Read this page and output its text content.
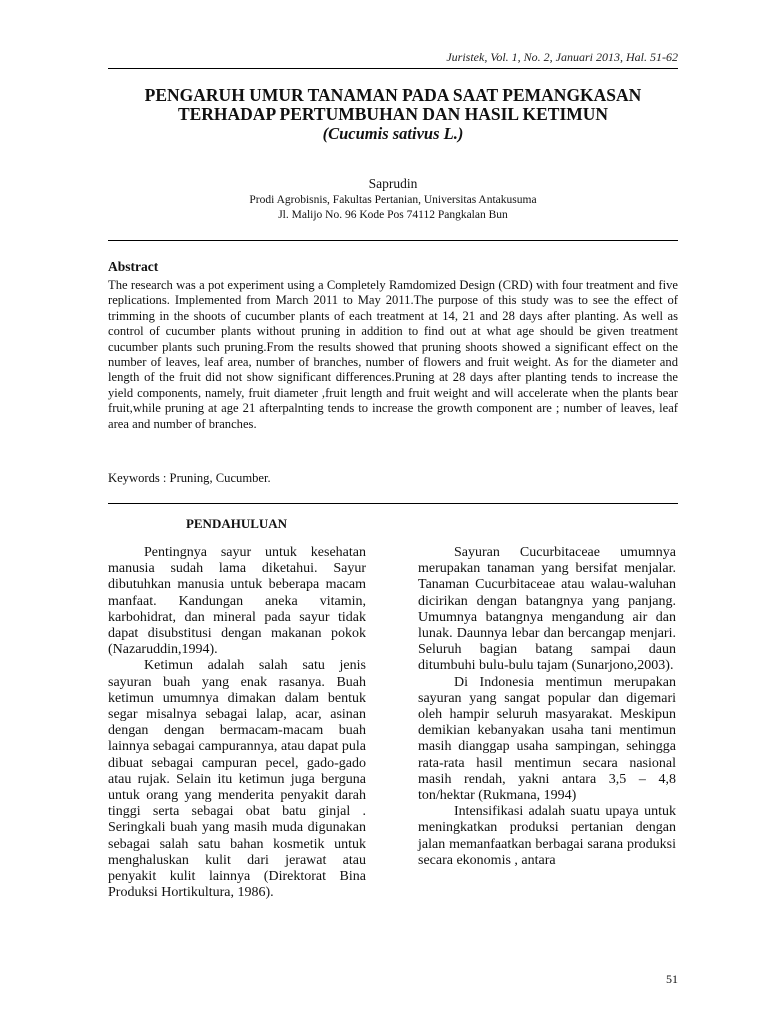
Juristek, Vol. 1, No. 2, Januari 2013, Hal. 51-62
PENGARUH UMUR TANAMAN PADA SAAT PEMANGKASAN
TERHADAP PERTUMBUHAN DAN HASIL KETIMUN
(Cucumis sativus L.)
Saprudin
Prodi Agrobisnis, Fakultas Pertanian, Universitas Antakusuma
Jl. Malijo No. 96 Kode Pos 74112 Pangkalan Bun
Abstract

The research was a pot experiment using a Completely Ramdomized Design (CRD) with four treatment and five replications. Implemented from March 2011 to May 2011.The purpose of this study was to see the effect of trimming in the shoots of cucumber plants of each treatment at 14, 21 and 28 days after planting. As well as control of cucumber plants without pruning in addition to find out at what age should be given treatment cucumber plants such pruning.From the results showed that pruning shoots showed a significant effect on the number of leaves, leaf area, number of branches, number of flowers and fruit weight. As for the diameter and length of the fruit did not show significant differences.Pruning at 28 days after planting tends to increase the yield components, namely, fruit diameter ,fruit length and fruit weight and will accelerate when the plants bear fruit,while pruning at age 21 afterpalnting tends to increase the growth component are ; number of leaves, leaf area and number of branches.

Keywords : Pruning, Cucumber.
PENDAHULUAN

Pentingnya sayur untuk kesehatan manusia sudah lama diketahui. Sayur dibutuhkan manusia untuk beberapa macam manfaat. Kandungan aneka vitamin, karbohidrat, dan mineral pada sayur tidak dapat disubstitusi dengan makanan pokok (Nazaruddin,1994).

Ketimun adalah salah satu jenis sayuran buah yang enak rasanya. Buah ketimun umumnya dimakan dalam bentuk segar misalnya sebagai lalap, acar, asinan dengan dengan bermacam-macam buah lainnya sebagai campurannya, atau dapat pula dibuat sebagai campuran pecel, gado-gado atau rujak. Selain itu ketimun juga berguna untuk orang yang menderita penyakit darah tinggi serta sebagai obat batu ginjal . Seringkali buah yang masih muda digunakan sebagai salah satu bahan kosmetik untuk menghaluskan kulit dari jerawat atau penyakit kulit lainnya (Direktorat Bina Produksi Hortikultura, 1986).

Sayuran Cucurbitaceae umumnya merupakan tanaman yang bersifat menjalar. Tanaman Cucurbitaceae atau walau-waluhan dicirikan dengan batangnya yang panjang. Umumnya batangnya mengandung air dan lunak. Daunnya lebar dan bercangap menjari. Seluruh bagian batang sampai daun ditumbuhi bulu-bulu tajam (Sunarjono,2003).

Di Indonesia mentimun merupakan sayuran yang sangat popular dan digemari oleh hampir seluruh masyarakat. Meskipun demikian kebanyakan usaha tani mentimun masih dianggap usaha sampingan, sehingga rata-rata hasil mentimun secara nasional masih rendah, yakni antara 3,5 – 4,8 ton/hektar (Rukmana, 1994)

Intensifikasi adalah suatu upaya untuk meningkatkan produksi pertanian dengan jalan memanfaatkan berbagai sarana produksi secara ekonomis , antara

51
